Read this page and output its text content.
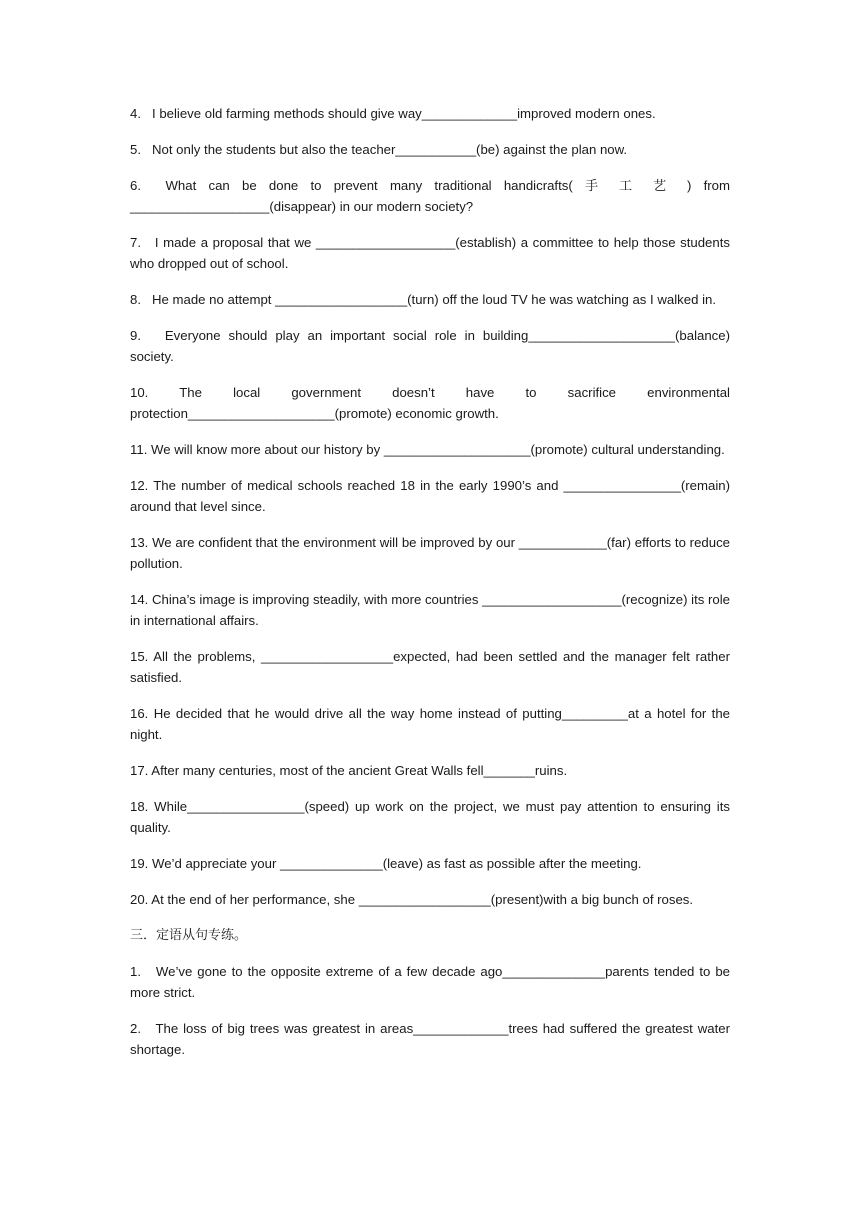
4.   I believe old farming methods should give way_____________improved modern ones.

5.   Not only the students but also the teacher___________(be) against the plan now.

6.  What can be done to prevent many traditional handicrafts( 手 工 艺 ) from ___________________(disappear) in our modern society?

7.   I made a proposal that we ___________________(establish) a committee to help those students who dropped out of school.

8.   He made no attempt __________________(turn) off the loud TV he was watching as I walked in.

9.   Everyone should play an important social role in building____________________(balance) society.

10. The local government doesn’t have to sacrifice environmental protection____________________(promote) economic growth.

11. We will know more about our history by ____________________(promote) cultural understanding.

12. The number of medical schools reached 18 in the early 1990’s and ________________(remain) around that level since.

13. We are confident that the environment will be improved by our ____________(far) efforts to reduce pollution.

14. China’s image is improving steadily, with more countries ___________________(recognize) its role in international affairs.

15. All the problems, __________________expected, had been settled and the manager felt rather satisfied.

16. He decided that he would drive all the way home instead of putting_________at a hotel for the night.

17. After many centuries, most of the ancient Great Walls fell_______ruins.

18. While________________(speed) up work on the project, we must pay attention to ensuring its quality.

19. We’d appreciate your ______________(leave) as fast as possible after the meeting.

20. At the end of her performance, she __________________(present)with a big bunch of roses.

三．定语从句专练。

1.   We’ve gone to the opposite extreme of a few decade ago______________parents tended to be more strict.

2.   The loss of big trees was greatest in areas_____________trees had suffered the greatest water shortage.
